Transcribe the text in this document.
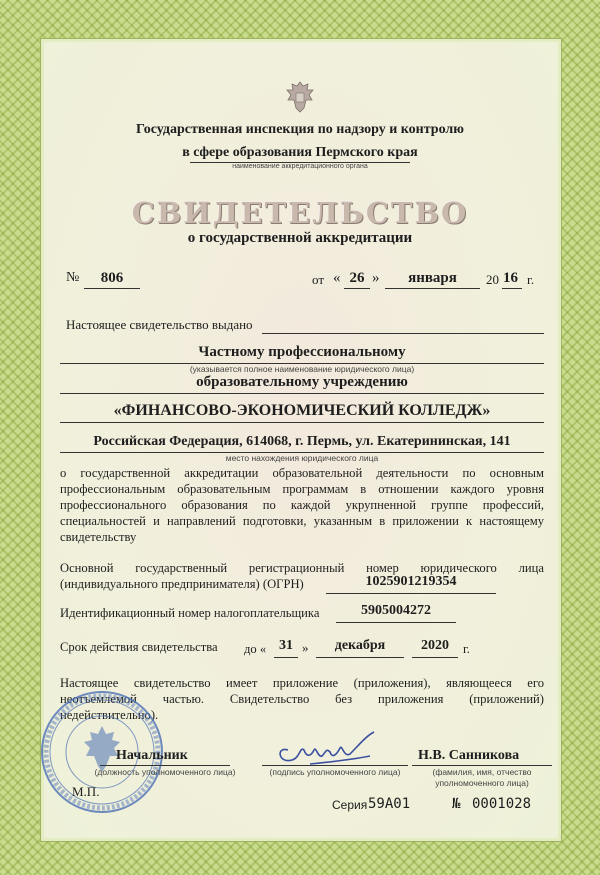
Государственная инспекция по надзору и контролю
в сфере образования Пермского края
наименование аккредитационного органа
СВИДЕТЕЛЬСТВО
о государственной аккредитации
№	806	от « 26 »	января	20 16 г.
Настоящее свидетельство выдано
Частному профессиональному
(указывается полное наименование юридического лица)
образовательному учреждению
«ФИНАНСОВО-ЭКОНОМИЧЕСКИЙ КОЛЛЕДЖ»
Российская Федерация, 614068, г. Пермь, ул. Екатерининская, 141
место нахождения юридического лица
о государственной аккредитации образовательной деятельности по основным
профессиональным образовательным программам в отношении каждого уровня
профессионального образования по каждой укрупненной группе профессий,
специальностей и направлений подготовки, указанным в приложении к настоящему
свидетельству
Основной государственный регистрационный номер юридического лица
(индивидуального предпринимателя) (ОГРН)	1025901219354
Идентификационный номер налогоплательщика	5905004272
Срок действия свидетельства до « 31 »	декабря	2020	г.
Настоящее свидетельство имеет приложение (приложения), являющееся его
неотъемлемой частью. Свидетельство без приложения (приложений)
недействительно).
Начальник
(должность уполномоченного лица)	(подпись уполномоченного лица)
Н.В. Санникова
(фамилия, имя, отчество
уполномоченного лица)
М.П.
Серия 59А01	№ 0001028
